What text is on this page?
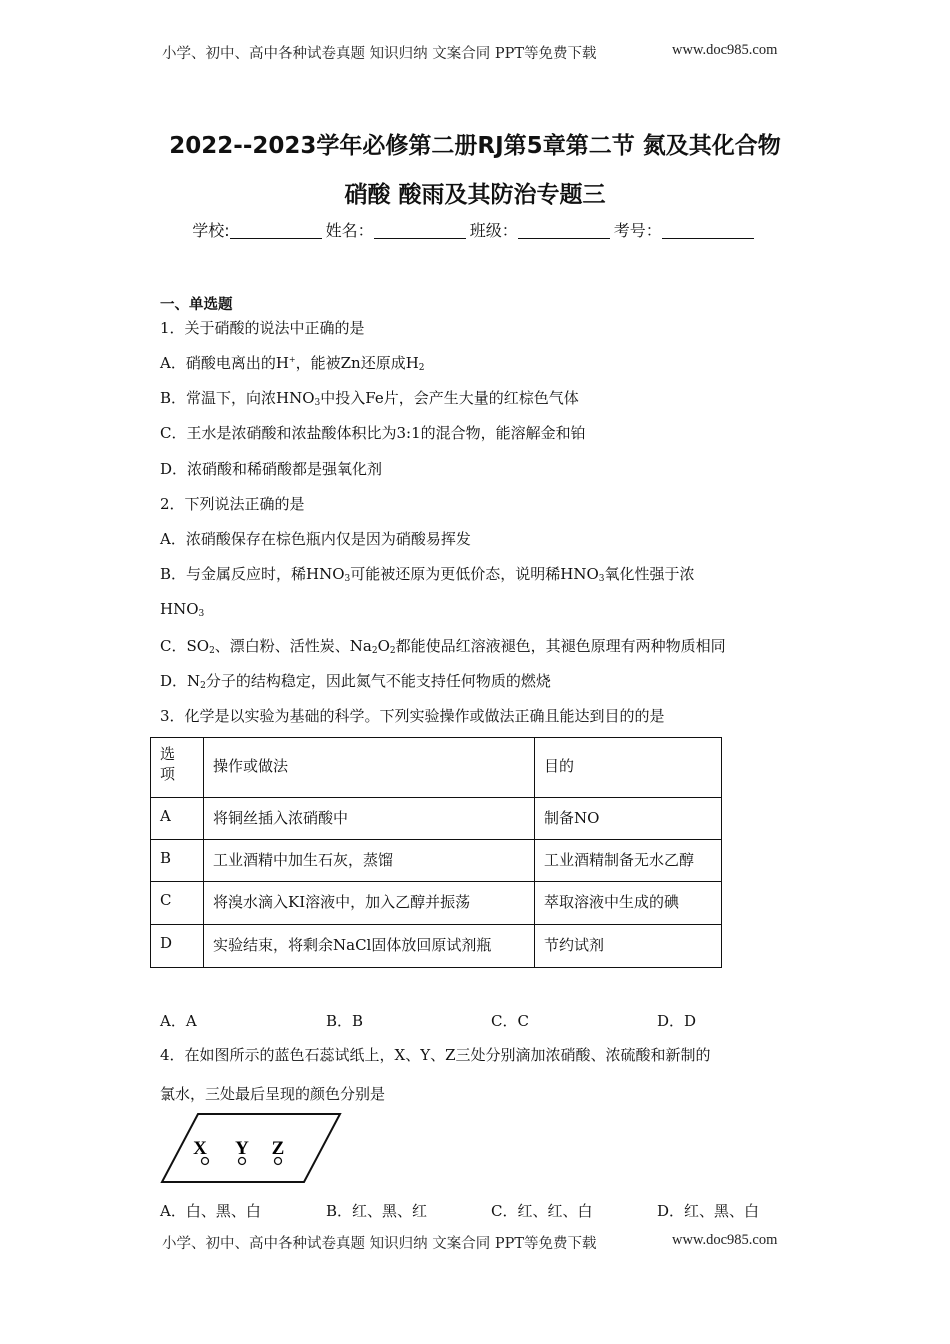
小学、初中、高中各种试卷真题 知识归纳 文案合同 PPT等免费下载	www.doc985.com
2022--2023学年必修第二册RJ第5章第二节 氮及其化合物
硝酸 酸雨及其防治专题三
学校:	姓名：	班级：	考号：
一、单选题
1．关于硝酸的说法中正确的是
A．硝酸电离出的H+，能被Zn还原成$H_2$
B．常温下，向浓$HNO_3$中投入Fe片，会产生大量的红棕色气体
C．王水是浓硝酸和浓盐酸体积比为3:1的混合物，能溶解金和铂
D．浓硝酸和稀硝酸都是强氧化剂
2．下列说法正确的是
A．浓硝酸保存在棕色瓶内仅是因为硝酸易挥发
B．与金属反应时，稀$HNO_3$可能被还原为更低价态，说明稀$HNO_3$氧化性强于浓
$HNO_3$
C．$SO_2$、漂白粉、活性炭、$Na_2O_2$都能使品红溶液褪色，其褪色原理有两种物质相同
D．$N_2$分子的结构稳定，因此氮气不能支持任何物质的燃烧
3．化学是以实验为基础的科学。下列实验操作或做法正确且能达到目的的是
选项	操作或做法	目的
A	将铜丝插入浓硝酸中	制备NO
B	工业酒精中加生石灰，蒸馏	工业酒精制备无水乙醇
C	将溴水滴入KI溶液中，加入乙醇并振荡	萃取溶液中生成的碘
D	实验结束，将剩余NaCl固体放回原试剂瓶	节约试剂
A．A	B．B	C．C	D．D
4．在如图所示的蓝色石蕊试纸上，X、Y、Z三处分别滴加浓硝酸、浓硫酸和新制的
氯水，三处最后呈现的颜色分别是
X Y Z
A．白、黑、白	B．红、黑、红	C．红、红、白	D．红、黑、白
小学、初中、高中各种试卷真题 知识归纳 文案合同 PPT等免费下载	www.doc985.com
